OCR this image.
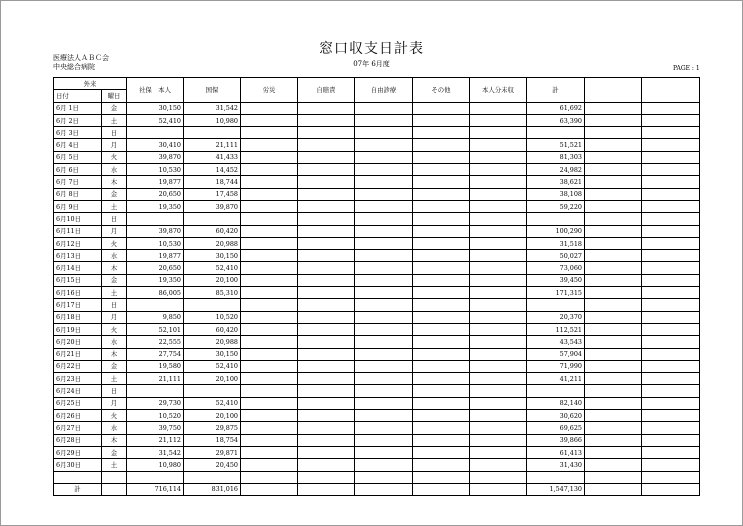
窓口収支日計表
07年 6月度
医療法人ＡＢＣ会
中央総合病院	PAGE : 1
外来		社保　本人	国保	労災	自賠責	自由診療	その他	本人分未収	計		
日付	曜日										
6月 1日	金	30,150	31,542						61,692		
6月 2日	土	52,410	10,980						63,390		
6月 3日	日										
6月 4日	月	30,410	21,111						51,521		
6月 5日	火	39,870	41,433						81,303		
6月 6日	水	10,530	14,452						24,982		
6月 7日	木	19,877	18,744						38,621		
6月 8日	金	20,650	17,458						38,108		
6月 9日	土	19,350	39,870						59,220		
6月10日	日										
6月11日	月	39,870	60,420						100,290		
6月12日	火	10,530	20,988						31,518		
6月13日	水	19,877	30,150						50,027		
6月14日	木	20,650	52,410						73,060		
6月15日	金	19,350	20,100						39,450		
6月16日	土	86,005	85,310						171,315		
6月17日	日										
6月18日	月	9,850	10,520						20,370		
6月19日	火	52,101	60,420						112,521		
6月20日	水	22,555	20,988						43,543		
6月21日	木	27,754	30,150						57,904		
6月22日	金	19,580	52,410						71,990		
6月23日	土	21,111	20,100						41,211		
6月24日	日										
6月25日	月	29,730	52,410						82,140		
6月26日	火	10,520	20,100						30,620		
6月27日	水	39,750	29,875						69,625		
6月28日	木	21,112	18,754						39,866		
6月29日	金	31,542	29,871						61,413		
6月30日	土	10,980	20,450						31,430		

計		716,114	831,016						1,547,130		
